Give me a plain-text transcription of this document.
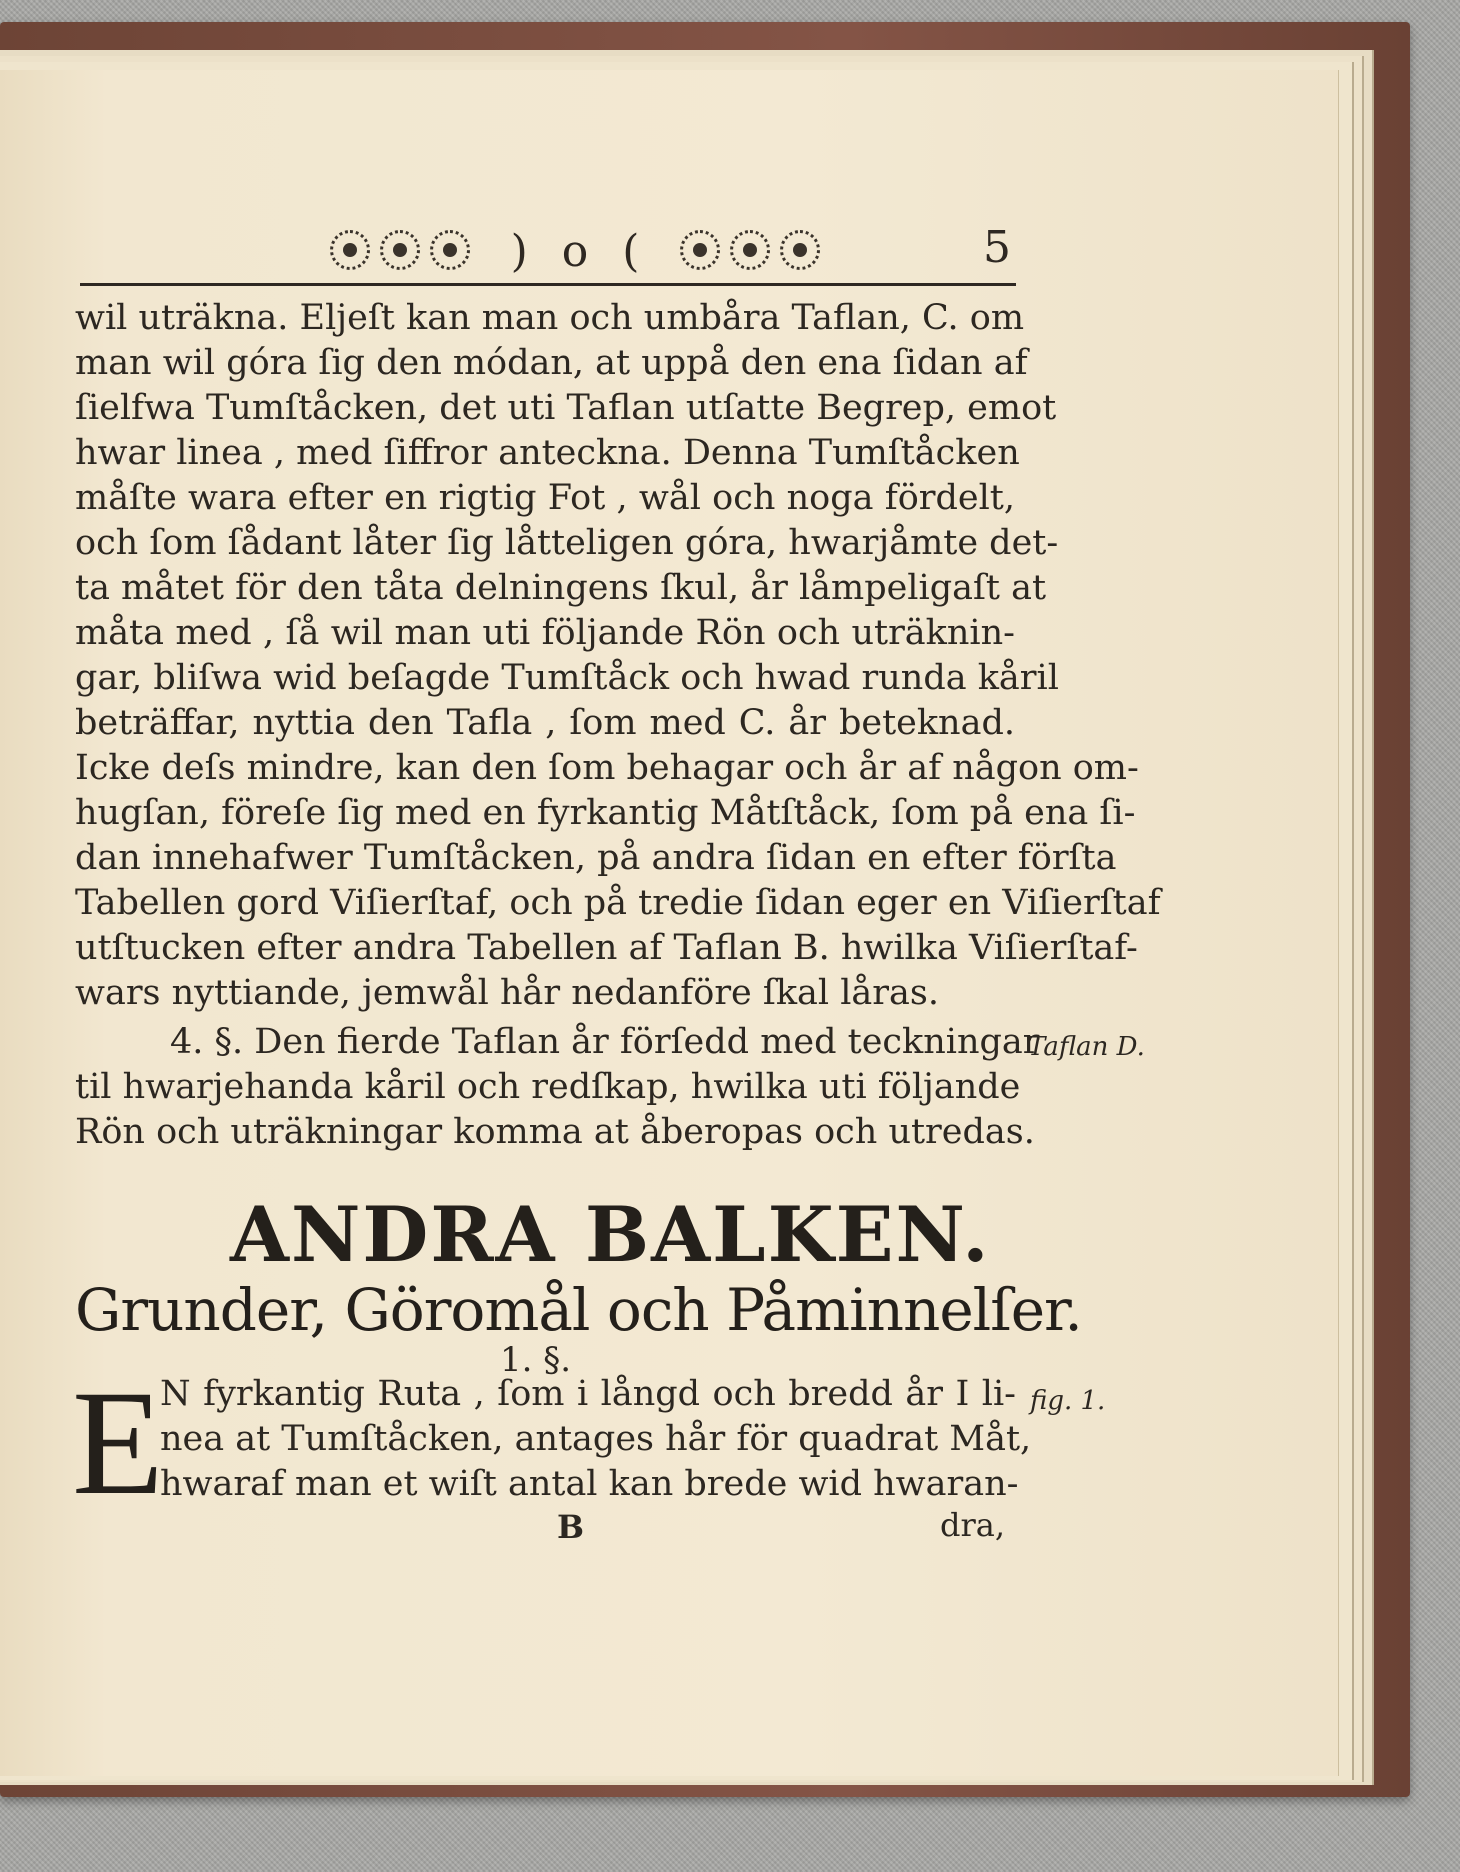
) o (	5
wil uträkna. Eljeſt kan man och umbåra Taflan, C. om
man wil góra ſig den módan, at uppå den ena ſidan af
ſielfwa Tumſtåcken, det uti Taflan utſatte Begrep, emot
hwar linea , med ſiffror anteckna. Denna Tumſtåcken
måſte wara efter en rigtig Fot , wål och noga fördelt,
och ſom ſådant låter ſig låtteligen góra, hwarjåmte det-
ta måtet för den tåta delningens ſkul, år låmpeligaſt at
måta med , ſå wil man uti följande Rön och uträknin-
gar, bliſwa wid beſagde Tumſtåck och hwad runda kåril
beträffar, nyttia den Tafla , ſom med C. år beteknad.
Icke deſs mindre, kan den ſom behagar och år af någon om-
hugſan, föreſe ſig med en fyrkantig Måtſtåck, ſom på ena ſi-
dan innehafwer Tumſtåcken, på andra ſidan en efter förſta
Tabellen gord Viſierſtaf, och på tredie ſidan eger en Viſierſtaf
utſtucken efter andra Tabellen af Taflan B. hwilka Viſierſtaf-
wars nyttiande, jemwål hår nedanföre ſkal låras.
4. §. Den fierde Taflan år förſedd med teckningar
til hwarjehanda kåril och redſkap, hwilka uti följande
Rön och uträkningar komma at åberopas och utredas.
Taflan D.
ANDRA BALKEN.
Grunder, Göromål och Påminnelſer.
1. §.
E
N fyrkantig Ruta , ſom i långd och bredd år I li-
nea at Tumſtåcken, antages hår för quadrat Måt,
hwaraf man et wiſt antal kan brede wid hwaran-
fig. 1.
B	dra,
